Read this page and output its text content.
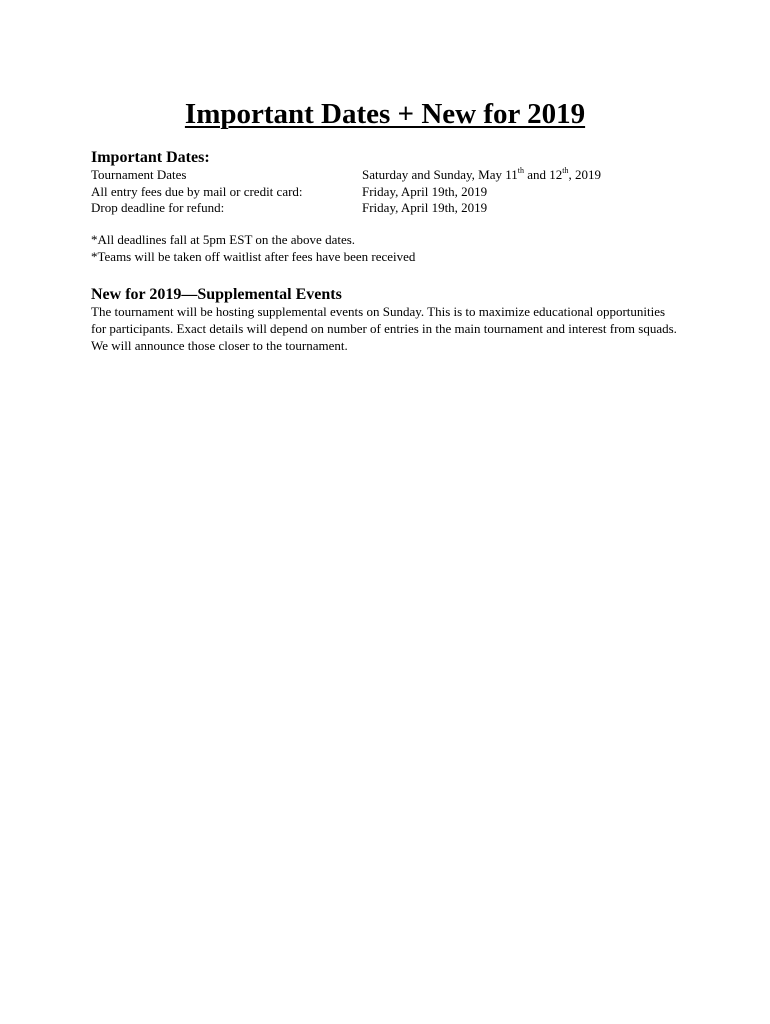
Important Dates + New for 2019
Important Dates:
Tournament Dates	Saturday and Sunday, May 11th and 12th, 2019
All entry fees due by mail or credit card:	Friday, April 19th, 2019
Drop deadline for refund:	Friday, April 19th, 2019
*All deadlines fall at 5pm EST on the above dates.
*Teams will be taken off waitlist after fees have been received
New for 2019—Supplemental Events

The tournament will be hosting supplemental events on Sunday. This is to maximize educational opportunities for participants. Exact details will depend on number of entries in the main tournament and interest from squads. We will announce those closer to the tournament.
